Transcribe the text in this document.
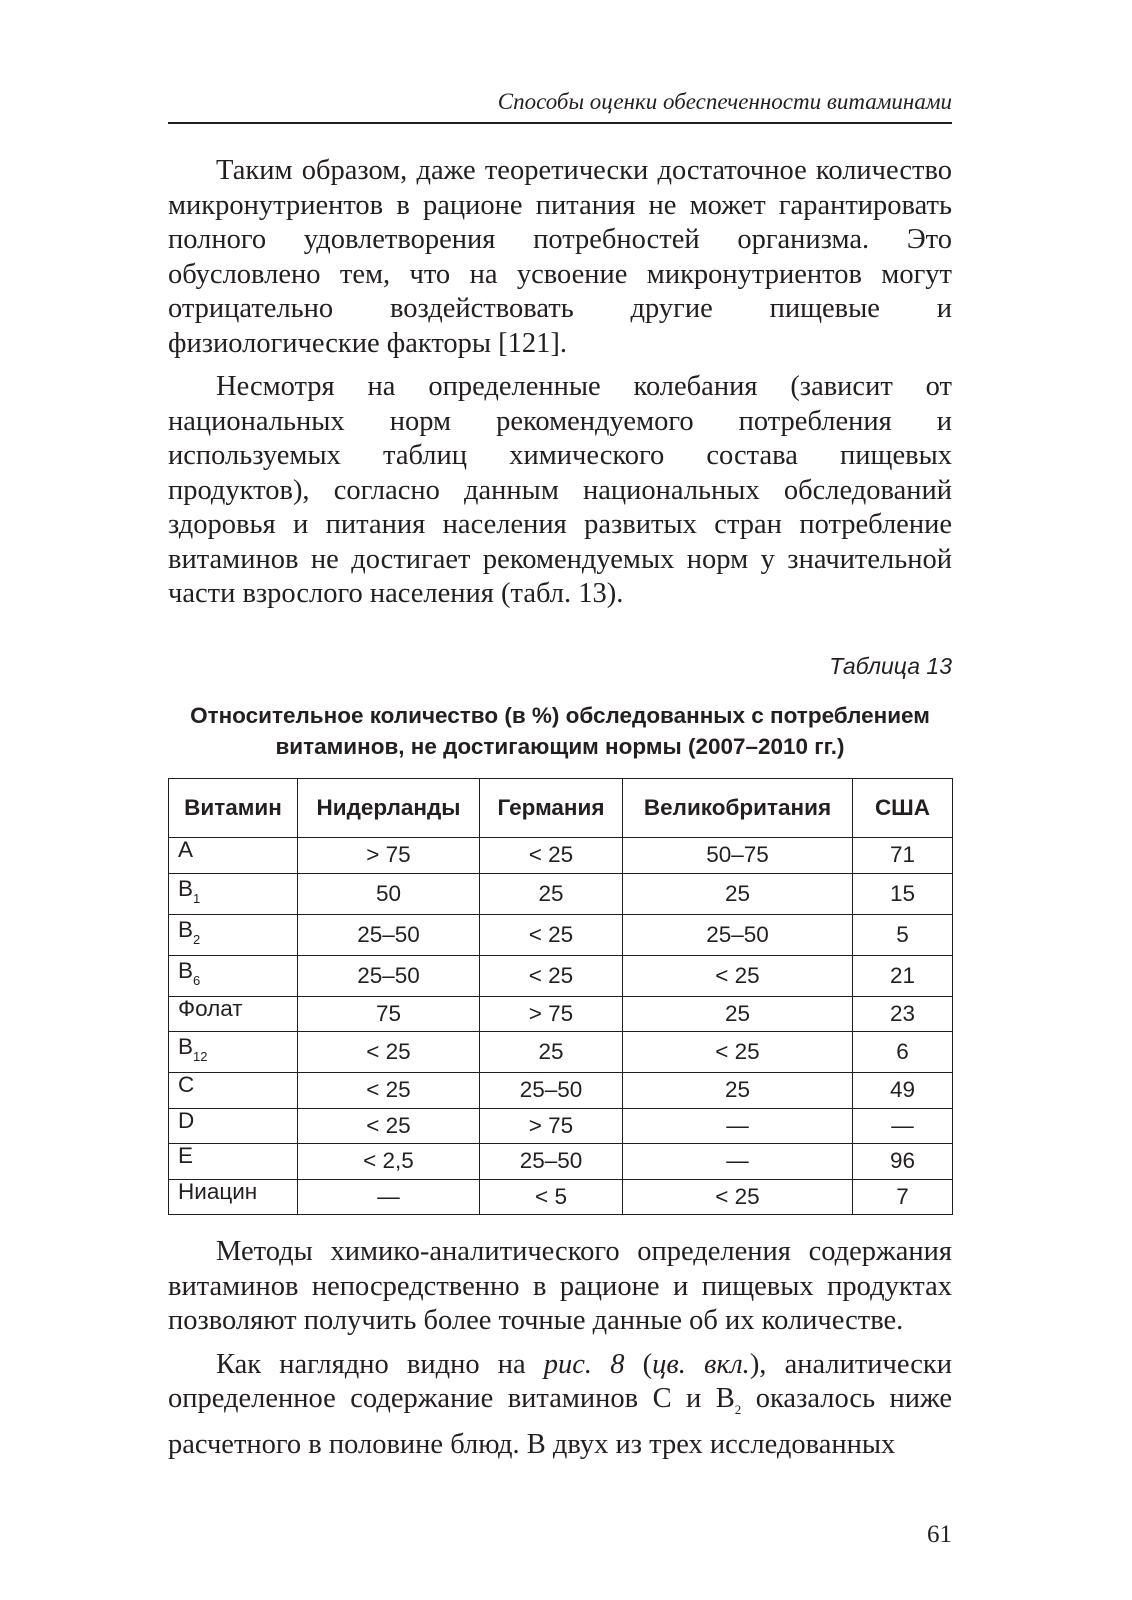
Способы оценки обеспеченности витаминами

Таким образом, даже теоретически достаточное количество микронутриентов в рационе питания не может гарантировать полного удовлетворения потребностей организма. Это обусловлено тем, что на усвоение микронутриентов могут отрицательно воздействовать другие пищевые и физиологические факторы [121].

Несмотря на определенные колебания (зависит от национальных норм рекомендуемого потребления и используемых таблиц химического состава пищевых продуктов), согласно данным национальных обследований здоровья и питания населения развитых стран потребление витаминов не достигает рекомендуемых норм у значительной части взрослого населения (табл. 13).

Таблица 13
Относительное количество (в %) обследованных с потреблением
витаминов, не достигающим нормы (2007–2010 гг.)
Витамин	Нидерланды	Германия	Великобритания	США
A	> 75	< 25	50–75	71
$B_1$	50	25	25	15
$B_2$	25–50	< 25	25–50	5
$B_6$	25–50	< 25	< 25	21
Фолат	75	> 75	25	23
$B_{12}$	< 25	25	< 25	6
C	< 25	25–50	25	49
D	< 25	> 75	—	—
E	< 2,5	25–50	—	96
Ниацин	—	< 5	< 25	7

Методы химико-аналитического определения содержания витаминов непосредственно в рационе и пищевых продуктах позволяют получить более точные данные об их количестве.

Как наглядно видно на рис. 8 (цв. вкл.), аналитически определенное содержание витаминов С и $B_2$ оказалось ниже расчетного в половине блюд. В двух из трех исследованных

61
